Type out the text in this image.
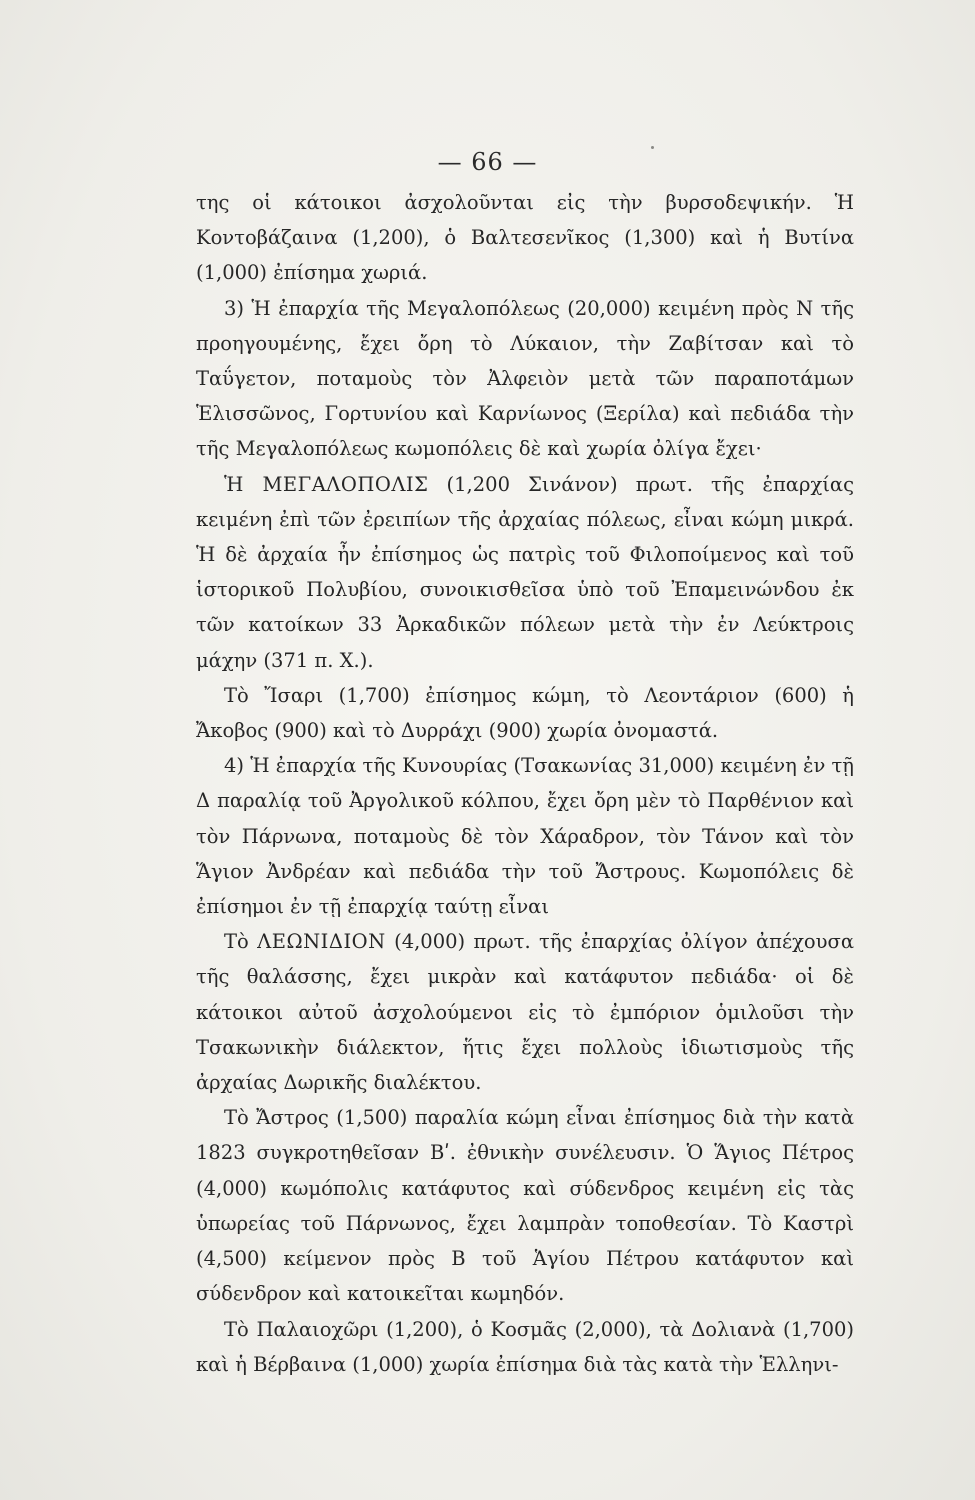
— 66 —

της οἱ κάτοικοι ἀσχολοῦνται εἰς τὴν βυρσοδεψικήν. Ἡ Κοντοβάζαινα (1,200), ὁ Βαλτεσενῖκος (1,300) καὶ ἡ Βυτίνα (1,000) ἐπίσημα χωριά.

3) Ἡ ἐπαρχία τῆς Μεγαλοπόλεως (20,000) κειμένη πρὸς Ν τῆς προηγουμένης, ἔχει ὄρη τὸ Λύκαιον, τὴν Ζαβίτσαν καὶ τὸ Ταΰγετον, ποταμοὺς τὸν Ἀλφειὸν μετὰ τῶν παραποτάμων Ἑλισσῶνος, Γορτυνίου καὶ Καρνίωνος (Ξερίλα) καὶ πεδιάδα τὴν τῆς Μεγαλοπόλεως κωμοπόλεις δὲ καὶ χωρία ὀλίγα ἔχει·

Ἡ ΜΕΓΑΛΟΠΟΛΙΣ (1,200 Σινάνον) πρωτ. τῆς ἐπαρχίας κειμένη ἐπὶ τῶν ἐρειπίων τῆς ἀρχαίας πόλεως, εἶναι κώμη μικρά. Ἡ δὲ ἀρχαία ἦν ἐπίσημος ὡς πατρὶς τοῦ Φιλοποίμενος καὶ τοῦ ἱστορικοῦ Πολυβίου, συνοικισθεῖσα ὑπὸ τοῦ Ἐπαμεινώνδου ἐκ τῶν κατοίκων 33 Ἀρκαδικῶν πόλεων μετὰ τὴν ἐν Λεύκτροις μάχην (371 π. Χ.).

Τὸ Ἴσαρι (1,700) ἐπίσημος κώμη, τὸ Λεοντάριον (600) ἡ Ἄκοβος (900) καὶ τὸ Δυρράχι (900) χωρία ὀνομαστά.

4) Ἡ ἐπαρχία τῆς Κυνουρίας (Τσακωνίας 31,000) κειμένη ἐν τῇ Δ παραλίᾳ τοῦ Ἀργολικοῦ κόλπου, ἔχει ὄρη μὲν τὸ Παρθένιον καὶ τὸν Πάρνωνα, ποταμοὺς δὲ τὸν Χάραδρον, τὸν Τάνον καὶ τὸν Ἅγιον Ἀνδρέαν καὶ πεδιάδα τὴν τοῦ Ἄστρους. Κωμοπόλεις δὲ ἐπίσημοι ἐν τῇ ἐπαρχίᾳ ταύτῃ εἶναι

Τὸ ΛΕΩΝΙΔΙΟΝ (4,000) πρωτ. τῆς ἐπαρχίας ὀλίγον ἀπέχουσα τῆς θαλάσσης, ἔχει μικρὰν καὶ κατάφυτον πεδιάδα· οἱ δὲ κάτοικοι αὐτοῦ ἀσχολούμενοι εἰς τὸ ἐμπόριον ὁμιλοῦσι τὴν Τσακωνικὴν διάλεκτον, ἥτις ἔχει πολλοὺς ἰδιωτισμοὺς τῆς ἀρχαίας Δωρικῆς διαλέκτου.

Τὸ Ἄστρος (1,500) παραλία κώμη εἶναι ἐπίσημος διὰ τὴν κατὰ 1823 συγκροτηθεῖσαν Βʹ. ἐθνικὴν συνέλευσιν. Ὁ Ἅγιος Πέτρος (4,000) κωμόπολις κατάφυτος καὶ σύδενδρος κειμένη εἰς τὰς ὑπωρείας τοῦ Πάρνωνος, ἔχει λαμπρὰν τοποθεσίαν. Τὸ Καστρὶ (4,500) κείμενον πρὸς Β τοῦ Ἁγίου Πέτρου κατάφυτον καὶ σύδενδρον καὶ κατοικεῖται κωμηδόν.

Τὸ Παλαιοχῶρι (1,200), ὁ Κοσμᾶς (2,000), τὰ Δολιανὰ (1,700) καὶ ἡ Βέρβαινα (1,000) χωρία ἐπίσημα διὰ τὰς κατὰ τὴν Ἑλληνι-
